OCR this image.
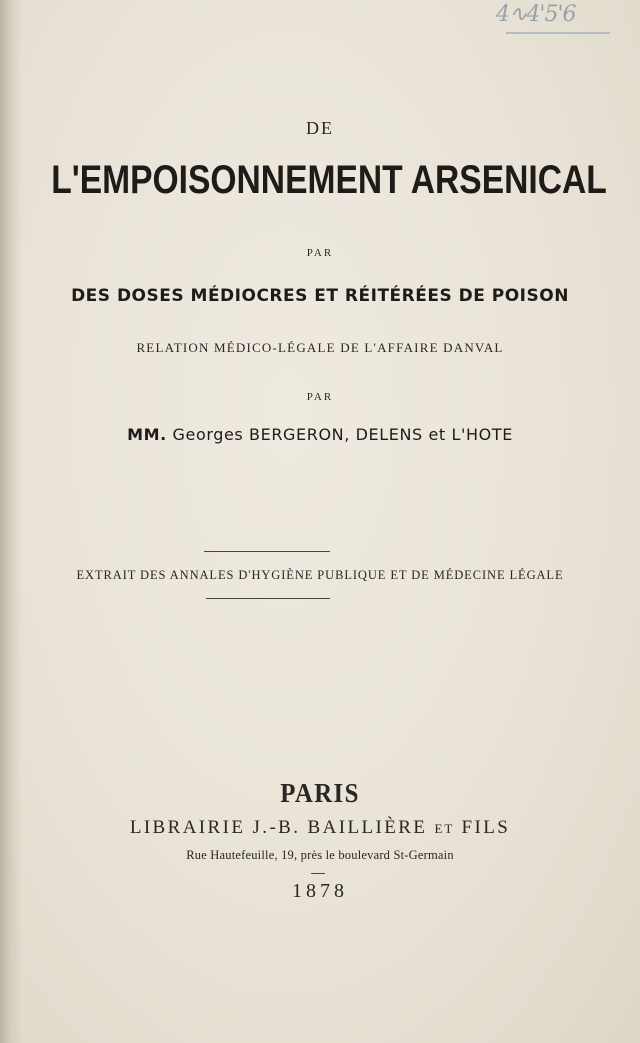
4∿4'5'6
DE
L'EMPOISONNEMENT ARSENICAL
PAR
DES DOSES MÉDIOCRES ET RÉITÉRÉES DE POISON
RELATION MÉDICO-LÉGALE DE L'AFFAIRE DANVAL
PAR
MM. Georges BERGERON, DELENS et L'HOTE
EXTRAIT DES ANNALES D'HYGIÈNE PUBLIQUE ET DE MÉDECINE LÉGALE
PARIS
LIBRAIRIE J.-B. BAILLIÈRE ET FILS
Rue Hautefeuille, 19, près le boulevard St-Germain
1878
